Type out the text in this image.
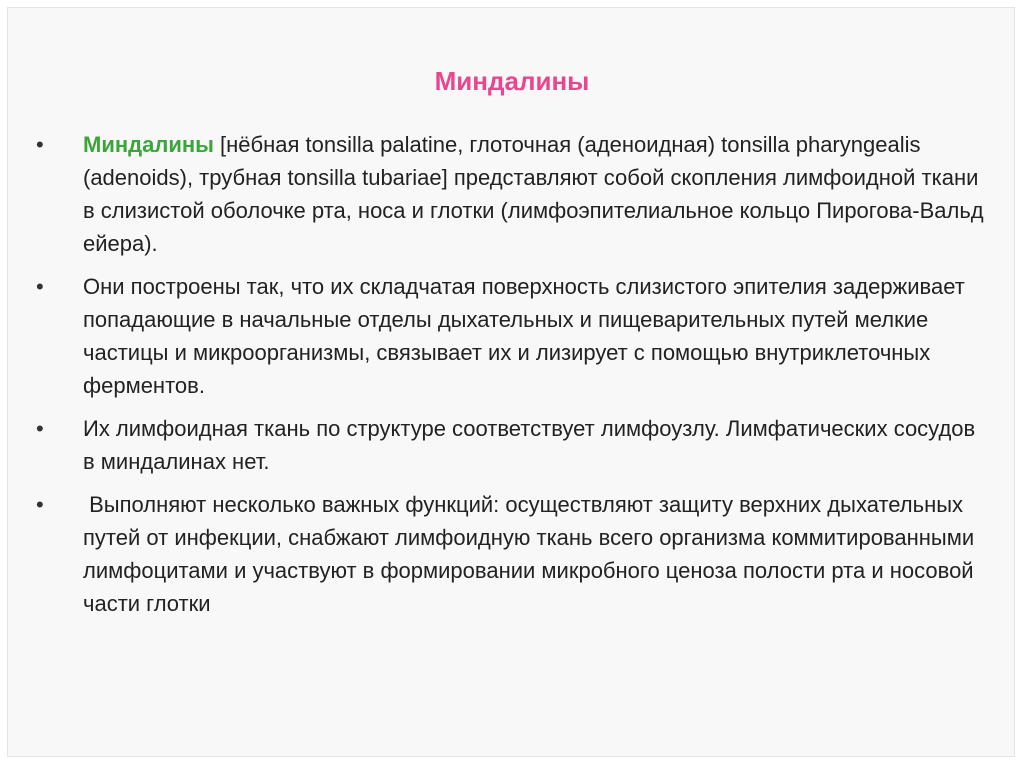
Миндалины
•	Миндалины [нёбная tonsilla palatine, глоточная (аденоидная) tonsilla pharyngealis (adenoids), трубная tonsilla tubariae] представляют собой скопления лимфоидной ткани в слизистой оболочке рта, носа и глотки (лимфоэпителиальное кольцо Пирогова-Вальд ейера).
•	Они построены так, что их складчатая поверхность слизистого эпителия задерживает попадающие в начальные отделы дыхательных и пищеварительных путей мелкие частицы и микроорганизмы, связывает их и лизирует с помощью внутриклеточных ферментов.
•	Их лимфоидная ткань по структуре соответствует лимфоузлу. Лимфатических сосудов в миндалинах нет.
•	Выполняют несколько важных функций: осуществляют защиту верхних дыхательных путей от инфекции, снабжают лимфоидную ткань всего организма коммитированными лимфоцитами и участвуют в формировании микробного ценоза полости рта и носовой части глотки
